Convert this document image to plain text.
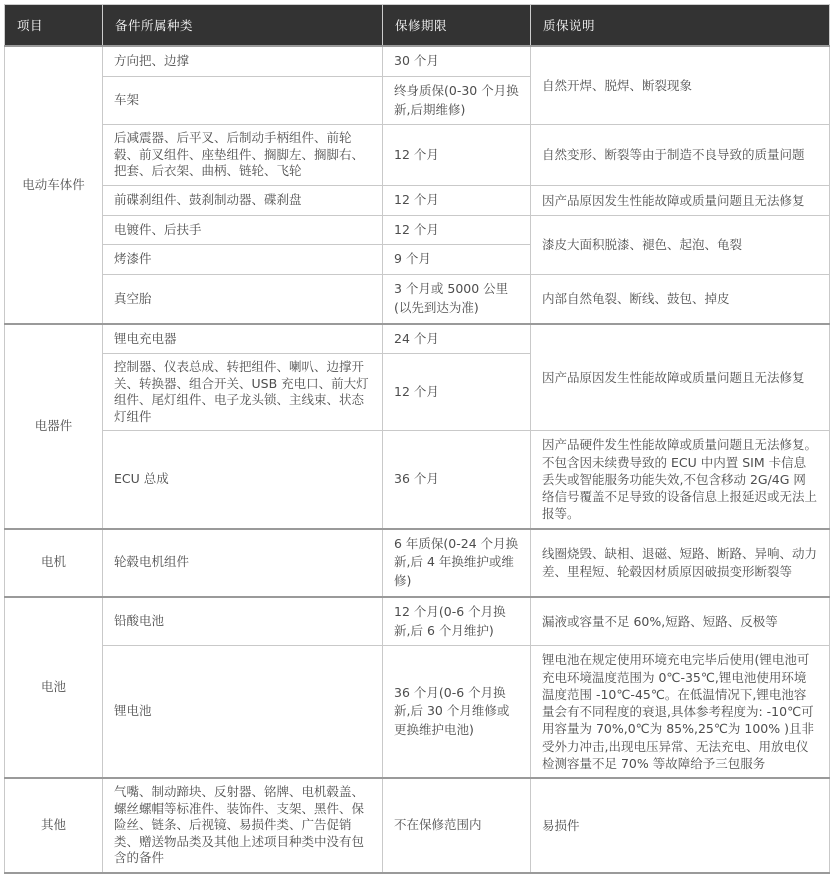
项目	备件所属种类	保修期限	质保说明
电动车体件	方向把、边撑	30 个月	自然开焊、脱焊、断裂现象
	车架	终身质保(0-30 个月换新,后期维修)	
	后减震器、后平叉、后制动手柄组件、前轮毂、前叉组件、座垫组件、搁脚左、搁脚右、把套、后衣架、曲柄、链轮、飞轮	12 个月	自然变形、断裂等由于制造不良导致的质量问题
	前碟刹组件、鼓刹制动器、碟刹盘	12 个月	因产品原因发生性能故障或质量问题且无法修复
	电镀件、后扶手	12 个月	漆皮大面积脱漆、褪色、起泡、龟裂
	烤漆件	9 个月	
	真空胎	3 个月或 5000 公里(以先到达为准)	内部自然龟裂、断线、鼓包、掉皮
电器件	锂电充电器	24 个月	因产品原因发生性能故障或质量问题且无法修复
	控制器、仪表总成、转把组件、喇叭、边撑开关、转换器、组合开关、USB 充电口、前大灯组件、尾灯组件、电子龙头锁、主线束、状态灯组件	12 个月	
	ECU 总成	36 个月	因产品硬件发生性能故障或质量问题且无法修复。不包含因未续费导致的 ECU 中内置 SIM 卡信息丢失或智能服务功能失效,不包含移动 2G/4G 网络信号覆盖不足导致的设备信息上报延迟或无法上报等。
电机	轮毂电机组件	6 年质保(0-24 个月换新,后 4 年换维护或维修)	线圈烧毁、缺相、退磁、短路、断路、异响、动力差、里程短、轮毂因材质原因破损变形断裂等
电池	铅酸电池	12 个月(0-6 个月换新,后 6 个月维护)	漏液或容量不足 60%,短路、短路、反极等
	锂电池	36 个月(0-6 个月换新,后 30 个月维修或更换维护电池)	锂电池在规定使用环境充电完毕后使用(锂电池可充电环境温度范围为 0℃-35℃,锂电池使用环境温度范围 -10℃-45℃。在低温情况下,锂电池容量会有不同程度的衰退,具体参考程度为: -10℃可用容量为 70%,0℃为 85%,25℃为 100% )且非受外力冲击,出现电压异常、无法充电、用放电仪检测容量不足 70% 等故障给予三包服务
其他	气嘴、制动蹄块、反射器、铭牌、电机毂盖、螺丝螺帽等标准件、装饰件、支架、黑件、保险丝、链条、后视镜、易损件类、广告促销类、赠送物品类及其他上述项目种类中没有包含的备件	不在保修范围内	易损件
